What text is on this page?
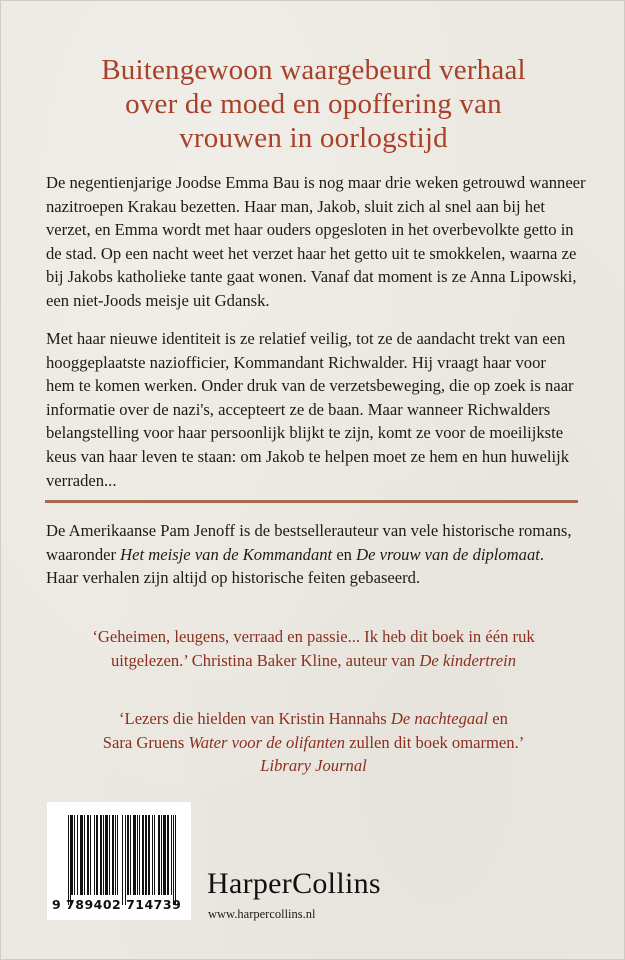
Buitengewoon waargebeurd verhaal
over de moed en opoffering van
vrouwen in oorlogstijd
De negentienjarige Joodse Emma Bau is nog maar drie weken getrouwd wanneer
nazitroepen Krakau bezetten. Haar man, Jakob, sluit zich al snel aan bij het
verzet, en Emma wordt met haar ouders opgesloten in het overbevolkte getto in
de stad. Op een nacht weet het verzet haar het getto uit te smokkelen, waarna ze
bij Jakobs katholieke tante gaat wonen. Vanaf dat moment is ze Anna Lipowski,
een niet-Joods meisje uit Gdansk.
Met haar nieuwe identiteit is ze relatief veilig, tot ze de aandacht trekt van een
hooggeplaatste naziofficier, Kommandant Richwalder. Hij vraagt haar voor
hem te komen werken. Onder druk van de verzetsbeweging, die op zoek is naar
informatie over de nazi's, accepteert ze de baan. Maar wanneer Richwalders
belangstelling voor haar persoonlijk blijkt te zijn, komt ze voor de moeilijkste
keus van haar leven te staan: om Jakob te helpen moet ze hem en hun huwelijk
verraden...
De Amerikaanse Pam Jenoff is de bestsellerauteur van vele historische romans,
waaronder Het meisje van de Kommandant en De vrouw van de diplomaat.
Haar verhalen zijn altijd op historische feiten gebaseerd.
‘Geheimen, leugens, verraad en passie... Ik heb dit boek in één ruk
uitgelezen.’ Christina Baker Kline, auteur van De kindertrein
‘Lezers die hielden van Kristin Hannahs De nachtegaal en
Sara Gruens Water voor de olifanten zullen dit boek omarmen.’
Library Journal
9 789402 714739
HarperCollins
www.harpercollins.nl
